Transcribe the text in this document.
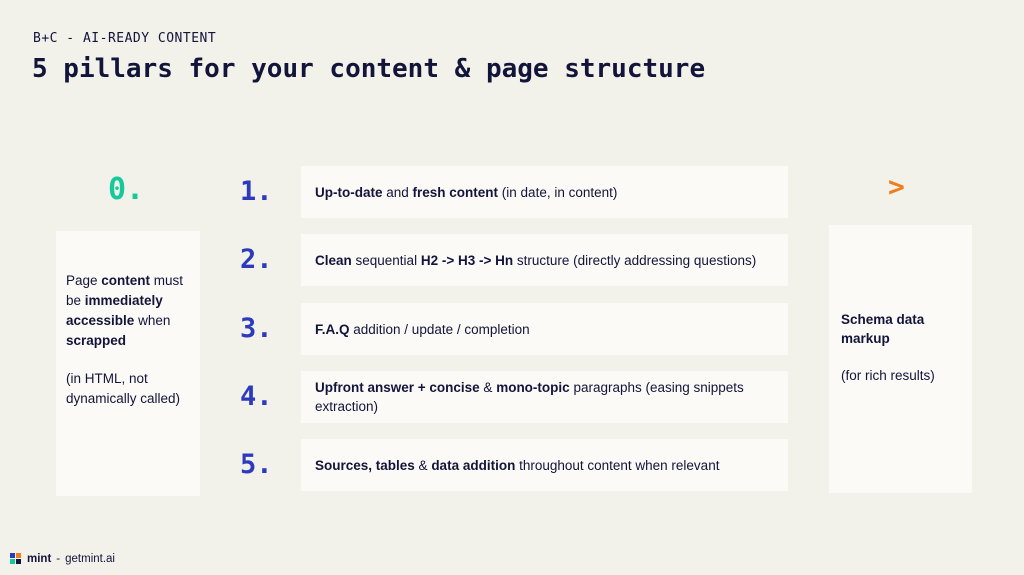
B+C - AI-READY CONTENT
5 pillars for your content & page structure
0.

Page content must be immediately accessible when scrapped

(in HTML, not dynamically called)

1.	Up-to-date and fresh content (in date, in content)
2.	Clean sequential H2 -> H3 -> Hn structure (directly addressing questions)
3.	F.A.Q addition / update / completion
4.	Upfront answer + concise & mono-topic paragraphs (easing snippets extraction)
5.	Sources, tables & data addition throughout content when relevant
>
Schema data markup
(for rich results)
mint - getmint.ai
